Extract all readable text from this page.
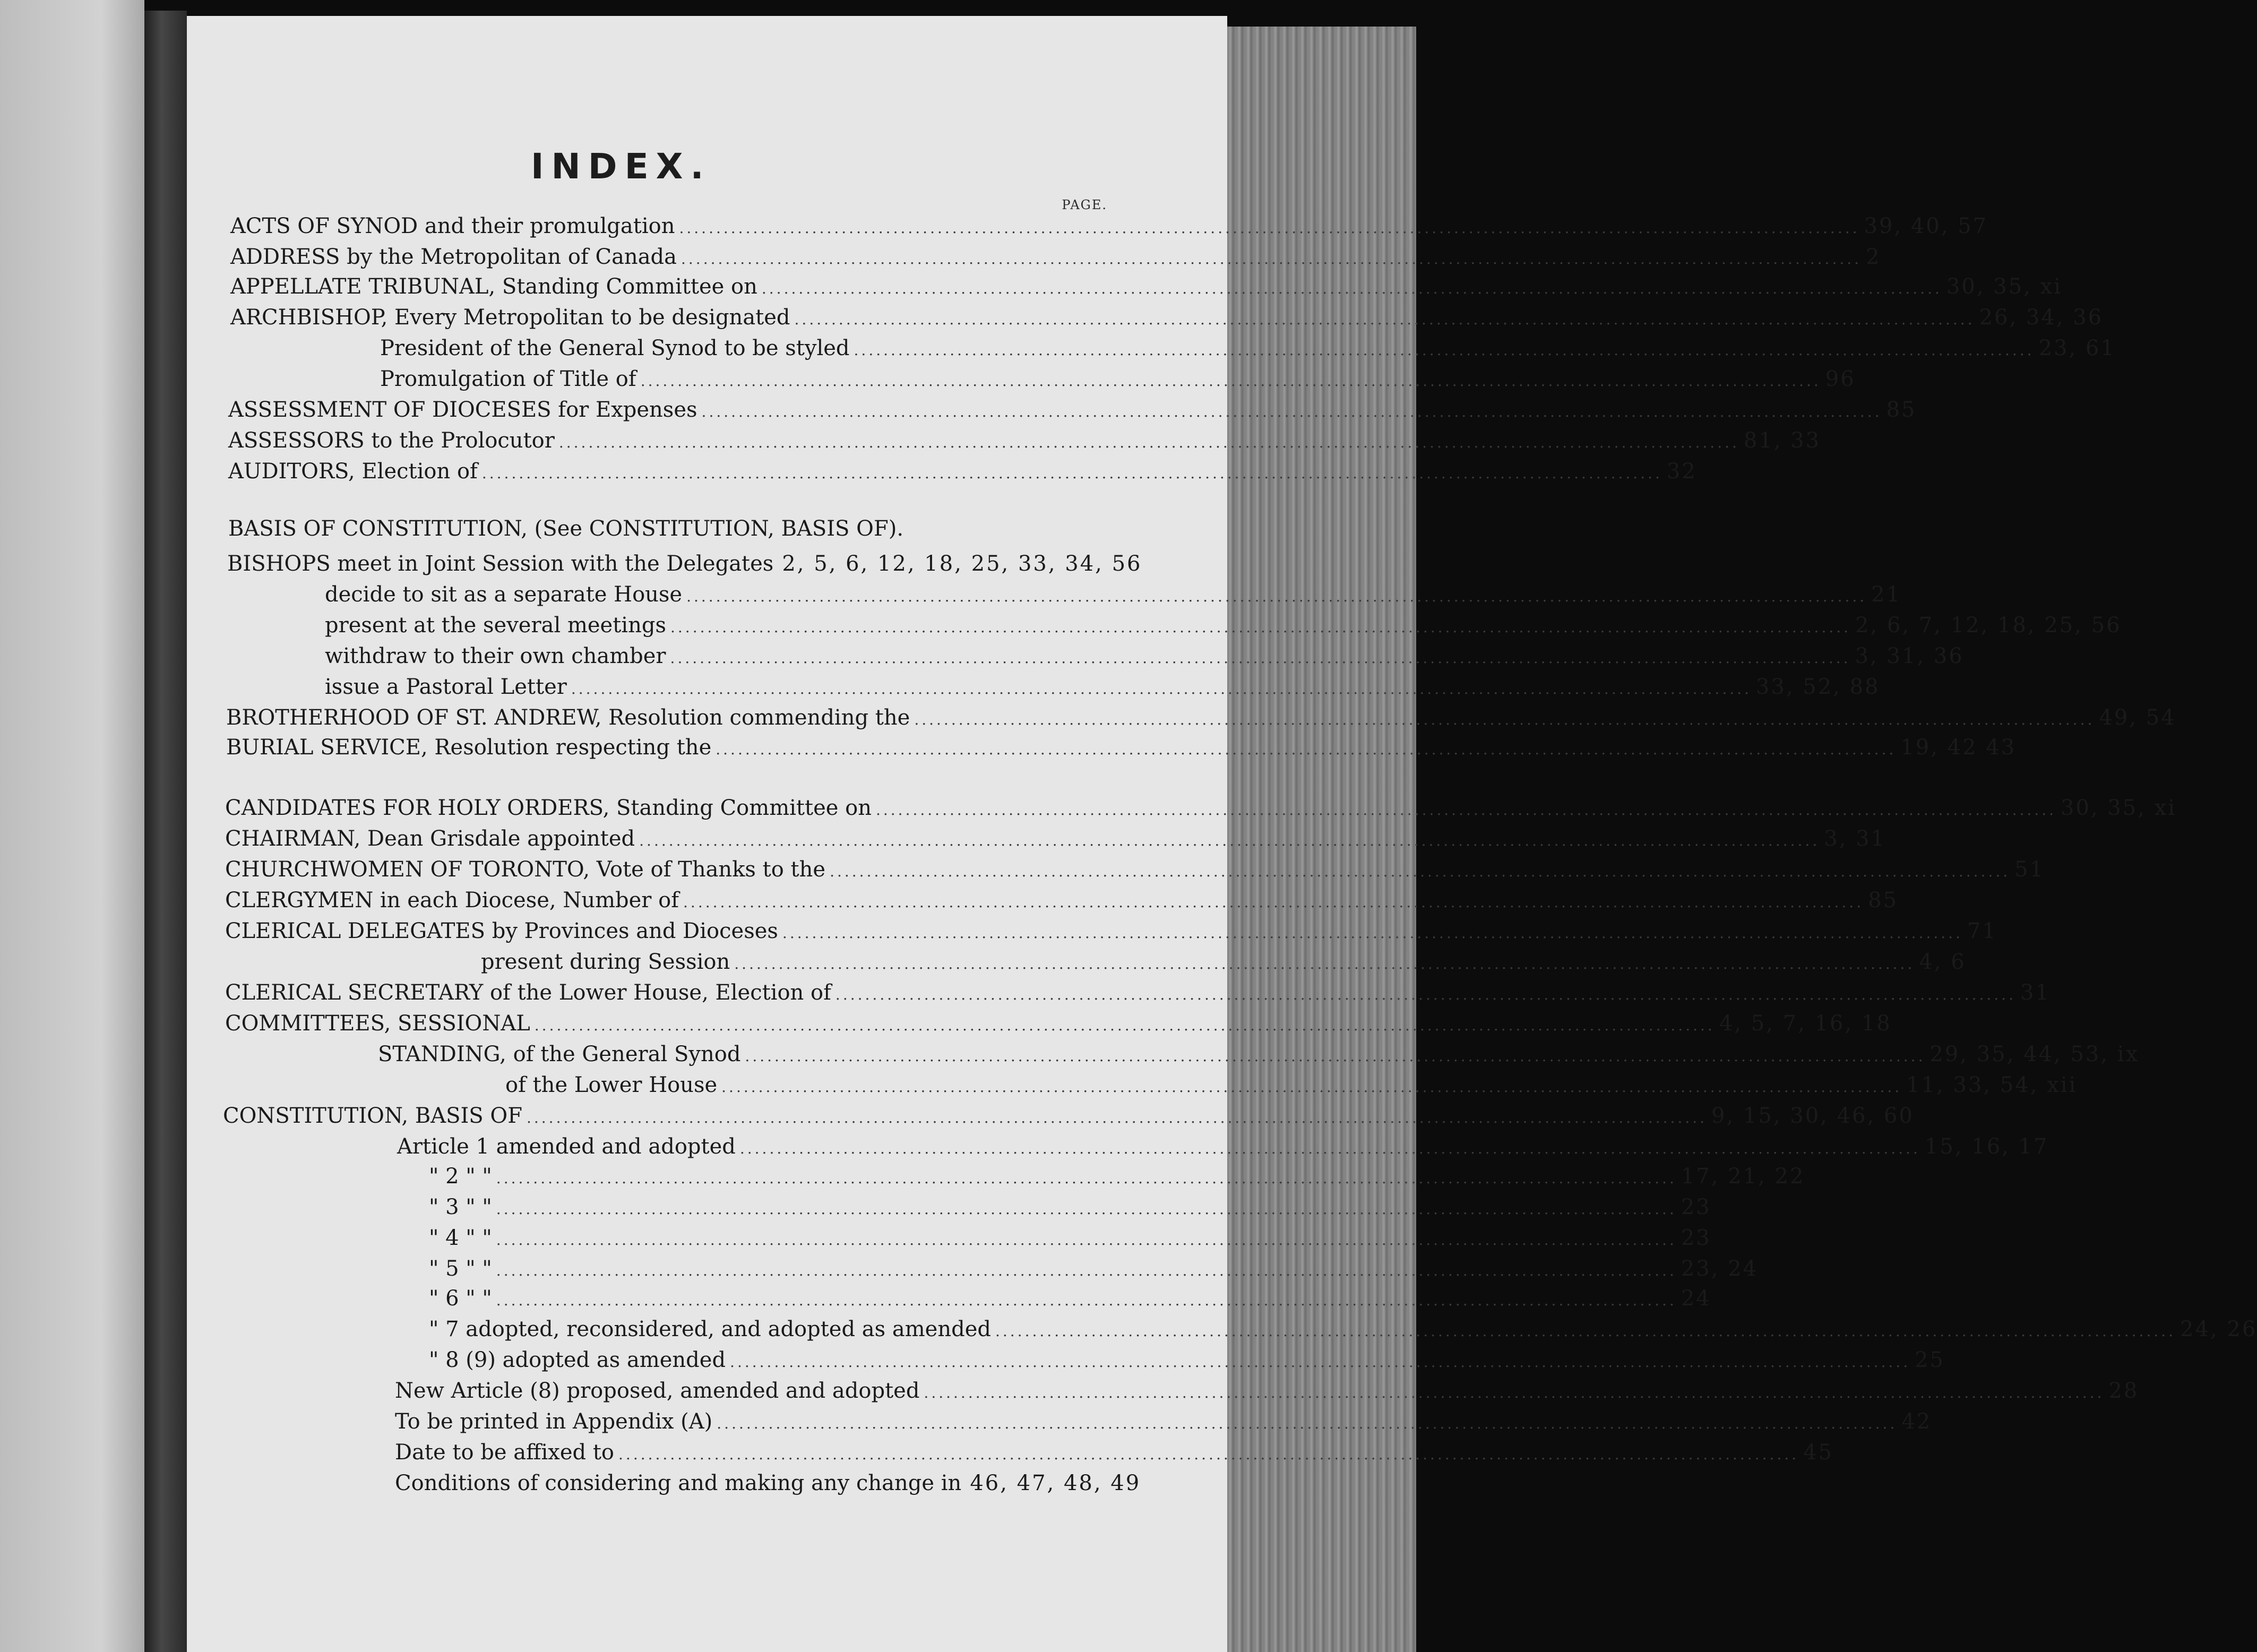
INDEX.
PAGE.
ACTS OF SYNOD and their promulgation ................................................................................................................................................................ 39, 40, 57
ADDRESS by the Metropolitan of Canada ................................................................................................................................................................ 2
APPELLATE TRIBUNAL, Standing Committee on ................................................................................................................................................................ 30, 35, xi
ARCHBISHOP, Every Metropolitan to be designated ................................................................................................................................................................ 26, 34, 36
President of the General Synod to be styled ................................................................................................................................................................ 23, 61
Promulgation of Title of ................................................................................................................................................................ 96
ASSESSMENT OF DIOCESES for Expenses ................................................................................................................................................................ 85
ASSESSORS to the Prolocutor ................................................................................................................................................................ 81, 33
AUDITORS, Election of ................................................................................................................................................................ 32
BASIS OF CONSTITUTION, (See CONSTITUTION, BASIS OF).
BISHOPS meet in Joint Session with the Delegates 2, 5, 6, 12, 18, 25, 33, 34, 56
decide to sit as a separate House ................................................................................................................................................................ 21
present at the several meetings ................................................................................................................................................................ 2, 6, 7, 12, 18, 25, 56
withdraw to their own chamber ................................................................................................................................................................ 3, 31, 36
issue a Pastoral Letter ................................................................................................................................................................ 33, 52, 88
BROTHERHOOD OF ST. ANDREW, Resolution commending the ................................................................................................................................................................ 49, 54
BURIAL SERVICE, Resolution respecting the ................................................................................................................................................................ 19, 42 43
CANDIDATES FOR HOLY ORDERS, Standing Committee on ................................................................................................................................................................ 30, 35, xi
CHAIRMAN, Dean Grisdale appointed ................................................................................................................................................................ 3, 31
CHURCHWOMEN OF TORONTO, Vote of Thanks to the ................................................................................................................................................................ 51
CLERGYMEN in each Diocese, Number of ................................................................................................................................................................ 85
CLERICAL DELEGATES by Provinces and Dioceses ................................................................................................................................................................ 71
present during Session ................................................................................................................................................................ 4, 6
CLERICAL SECRETARY of the Lower House, Election of ................................................................................................................................................................ 31
COMMITTEES, SESSIONAL ................................................................................................................................................................ 4, 5, 7, 16, 18
STANDING, of the General Synod ................................................................................................................................................................ 29, 35, 44, 53, ix
of the Lower House ................................................................................................................................................................ 11, 33, 54, xii
CONSTITUTION, BASIS OF ................................................................................................................................................................ 9, 15, 30, 46, 60
Article 1 amended and adopted ................................................................................................................................................................ 15, 16, 17
" 2 " " ................................................................................................................................................................ 17, 21, 22
" 3 " " ................................................................................................................................................................ 23
" 4 " " ................................................................................................................................................................ 23
" 5 " " ................................................................................................................................................................ 23, 24
" 6 " " ................................................................................................................................................................ 24
" 7 adopted, reconsidered, and adopted as amended ................................................................................................................................................................ 24, 26
" 8 (9) adopted as amended ................................................................................................................................................................ 25
New Article (8) proposed, amended and adopted ................................................................................................................................................................ 28
To be printed in Appendix (A) ................................................................................................................................................................ 42
Date to be affixed to ................................................................................................................................................................ 45
Conditions of considering and making any change in 46, 47, 48, 49
